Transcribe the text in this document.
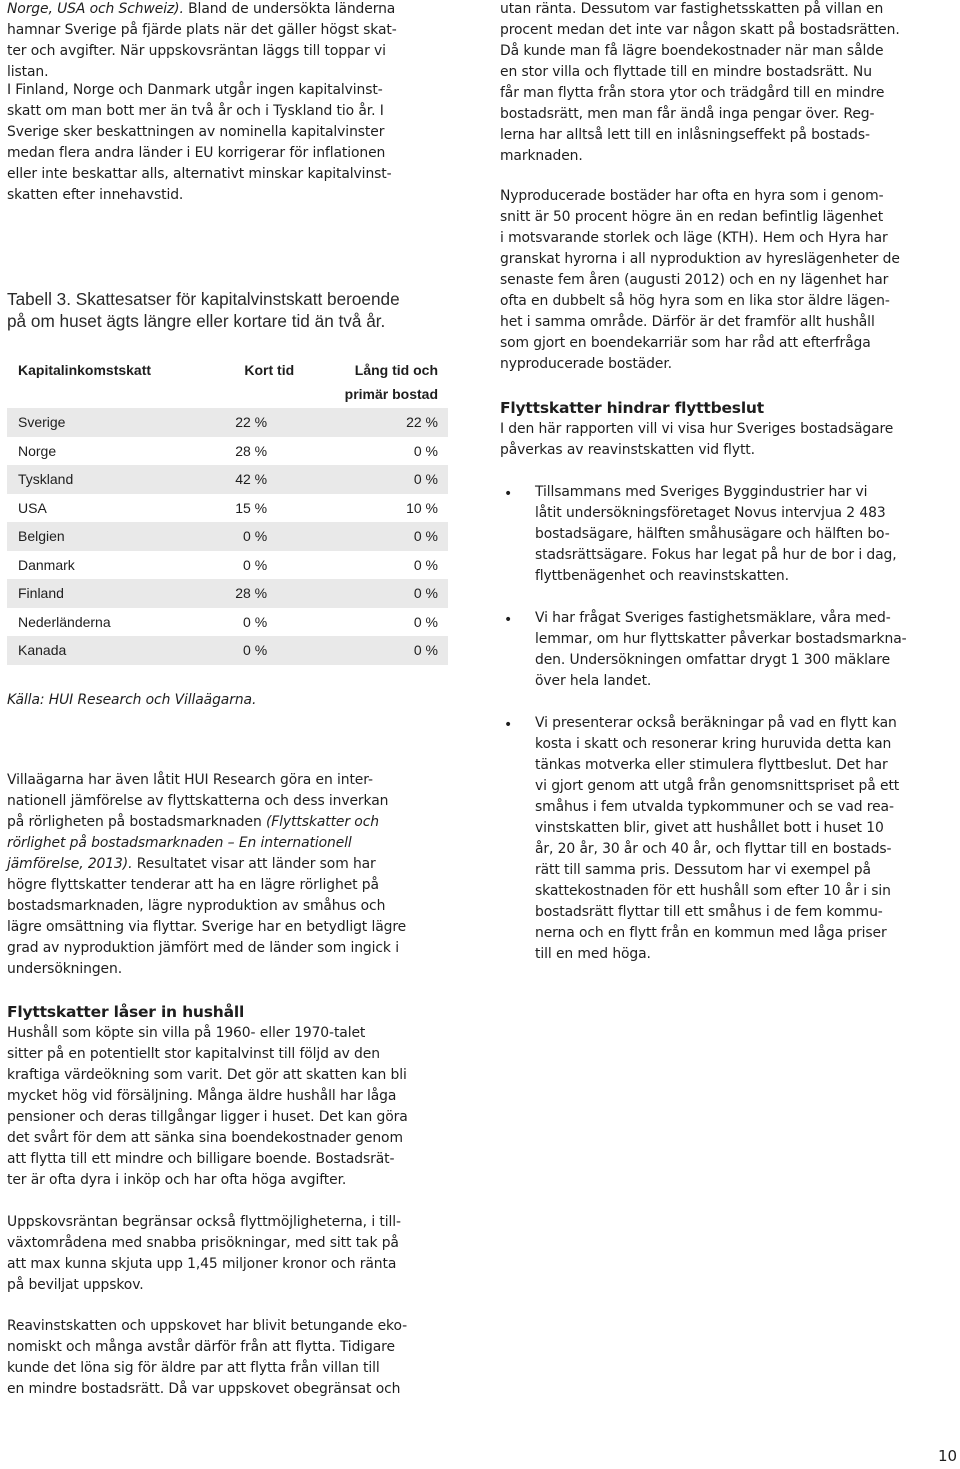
Norge, USA och Schweiz). Bland de undersökta länderna
hamnar Sverige på fjärde plats när det gäller högst skat-
ter och avgifter. När uppskovsräntan läggs till toppar vi
listan.

I Finland, Norge och Danmark utgår ingen kapitalvinst-
skatt om man bott mer än två år och i Tyskland tio år. I
Sverige sker beskattningen av nominella kapitalvinster
medan flera andra länder i EU korrigerar för inflationen
eller inte beskattar alls, alternativt minskar kapitalvinst-
skatten efter innehavstid.

Tabell 3. Skattesatser för kapitalvinstskatt beroende
på om huset ägts längre eller kortare tid än två år.

Kapitalinkomstskatt	Kort tid	Lång tid och
primär bostad

Sverige	22 %	22 %
Norge	28 %	0 %
Tyskland	42 %	0 %
USA	15 %	10 %
Belgien	0 %	0 %
Danmark	0 %	0 %
Finland	28 %	0 %
Nederländerna	0 %	0 %
Kanada	0 %	0 %

Källa: HUI Research och Villaägarna.

Villaägarna har även låtit HUI Research göra en inter-
nationell jämförelse av flyttskatterna och dess inverkan
på rörligheten på bostadsmarknaden (Flyttskatter och
rörlighet på bostadsmarknaden – En internationell
jämförelse, 2013). Resultatet visar att länder som har
högre flyttskatter tenderar att ha en lägre rörlighet på
bostadsmarknaden, lägre nyproduktion av småhus och
lägre omsättning via flyttar. Sverige har en betydligt lägre
grad av nyproduktion jämfört med de länder som ingick i
undersökningen.

Flyttskatter låser in hushåll

Hushåll som köpte sin villa på 1960- eller 1970-talet
sitter på en potentiellt stor kapitalvinst till följd av den
kraftiga värdeökning som varit. Det gör att skatten kan bli
mycket hög vid försäljning. Många äldre hushåll har låga
pensioner och deras tillgångar ligger i huset. Det kan göra
det svårt för dem att sänka sina boendekostnader genom
att flytta till ett mindre och billigare boende. Bostadsrät-
ter är ofta dyra i inköp och har ofta höga avgifter.

Uppskovsräntan begränsar också flyttmöjligheterna, i till-
växtområdena med snabba prisökningar, med sitt tak på
att max kunna skjuta upp 1,45 miljoner kronor och ränta
på beviljat uppskov.

Reavinstskatten och uppskovet har blivit betungande eko-
nomiskt och många avstår därför från att flytta. Tidigare
kunde det löna sig för äldre par att flytta från villan till
en mindre bostadsrätt. Då var uppskovet obegränsat och

utan ränta. Dessutom var fastighetsskatten på villan en
procent medan det inte var någon skatt på bostadsrätten.
Då kunde man få lägre boendekostnader när man sålde
en stor villa och flyttade till en mindre bostadsrätt. Nu
får man flytta från stora ytor och trädgård till en mindre
bostadsrätt, men man får ändå inga pengar över. Reg-
lerna har alltså lett till en inlåsningseffekt på bostads-
marknaden.

Nyproducerade bostäder har ofta en hyra som i genom-
snitt är 50 procent högre än en redan befintlig lägenhet
i motsvarande storlek och läge (KTH). Hem och Hyra har
granskat hyrorna i all nyproduktion av hyreslägenheter de
senaste fem åren (augusti 2012) och en ny lägenhet har
ofta en dubbelt så hög hyra som en lika stor äldre lägen-
het i samma område. Därför är det framför allt hushåll
som gjort en boendekarriär som har råd att efterfråga
nyproducerade bostäder.

Flyttskatter hindrar flyttbeslut

I den här rapporten vill vi visa hur Sveriges bostadsägare
påverkas av reavinstskatten vid flytt.

• Tillsammans med Sveriges Byggindustrier har vi
låtit undersökningsföretaget Novus intervjua 2 483
bostadsägare, hälften småhusägare och hälften bo-
stadsrättsägare. Fokus har legat på hur de bor i dag,
flyttbenägenhet och reavinstskatten.

• Vi har frågat Sveriges fastighetsmäklare, våra med-
lemmar, om hur flyttskatter påverkar bostadsmarkna-
den. Undersökningen omfattar drygt 1 300 mäklare
över hela landet.

• Vi presenterar också beräkningar på vad en flytt kan
kosta i skatt och resonerar kring huruvida detta kan
tänkas motverka eller stimulera flyttbeslut. Det har
vi gjort genom att utgå från genomsnittspriset på ett
småhus i fem utvalda typkommuner och se vad rea-
vinstskatten blir, givet att hushållet bott i huset 10
år, 20 år, 30 år och 40 år, och flyttar till en bostads-
rätt till samma pris. Dessutom har vi exempel på
skattekostnaden för ett hushåll som efter 10 år i sin
bostadsrätt flyttar till ett småhus i de fem kommu-
nerna och en flytt från en kommun med låga priser
till en med höga.

10
